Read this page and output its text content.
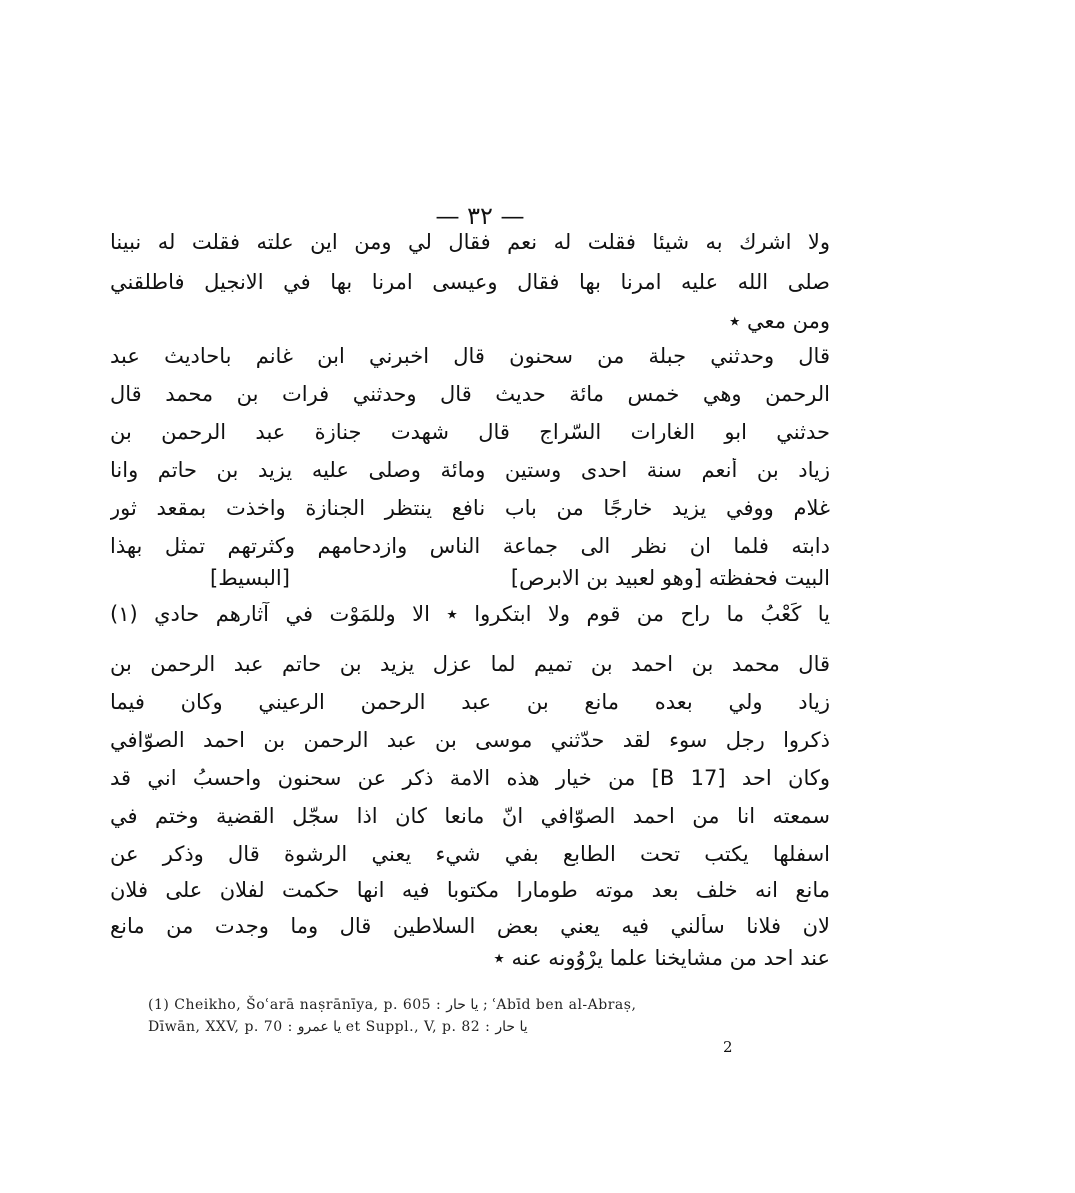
— ٣٢ —
ولا اشرك به شيئا فقلت له نعم فقال لي ومن اين علته فقلت له نبينا
صلى الله عليه امرنا بها فقال وعيسى امرنا بها في الانجيل فاطلقني
ومن معي ٭
قال وحدثني جبلة من سحنون قال اخبرني ابن غانم باحاديث عبد
الرحمن وهي خمس مائة حديث قال وحدثني فرات بن محمد قال
حدثني ابو الغارات السّراج قال شهدت جنازة عبد الرحمن بن
زياد بن أنعم سنة احدى وستين ومائة وصلى عليه يزيد بن حاتم وانا
غلام ووفي يزيد خارجًا من باب نافع ينتظر الجنازة واخذت بمقعد ثور
دابته فلما ان نظر الى جماعة الناس وازدحامهم وكثرتهم تمثل بهذا
البيت فحفظته [وهو لعبيد بن الابرص]
[البسيط]
يا كَعْبُ ما راح من قوم ولا ابتكروا ٭ الا وللمَوْت في آثارهم حادي (١)
قال محمد بن احمد بن تميم لما عزل يزيد بن حاتم عبد الرحمن بن
زياد ولي بعده مانع بن عبد الرحمن الرعيني وكان فيما
ذكروا رجل سوء لقد حدّثني موسى بن عبد الرحمن بن احمد الصوّافي
وكان احد [B 17] من خيار هذه الامة ذكر عن سحنون واحسبُ اني قد
سمعته انا من احمد الصوّافي انّ مانعا كان اذا سجّل القضية وختم في
اسفلها يكتب تحت الطابع بفي شيء يعني الرشوة قال وذكر عن
مانع انه خلف بعد موته طومارا مكتوبا فيه انها حكمت لفلان على فلان
لان فلانا سألني فيه يعني بعض السلاطين قال وما وجدت من مانع
عند احد من مشايخنا علما يرْوُونه عنه ٭
(1) Cheikho, Šoʿarā naṣrānīya, p. 605 : يا حار ; ʿAbīd ben al-Abraṣ,
Dīwān, XXV, p. 70 : يا عمرو et Suppl., V, p. 82 : يا حار
2
